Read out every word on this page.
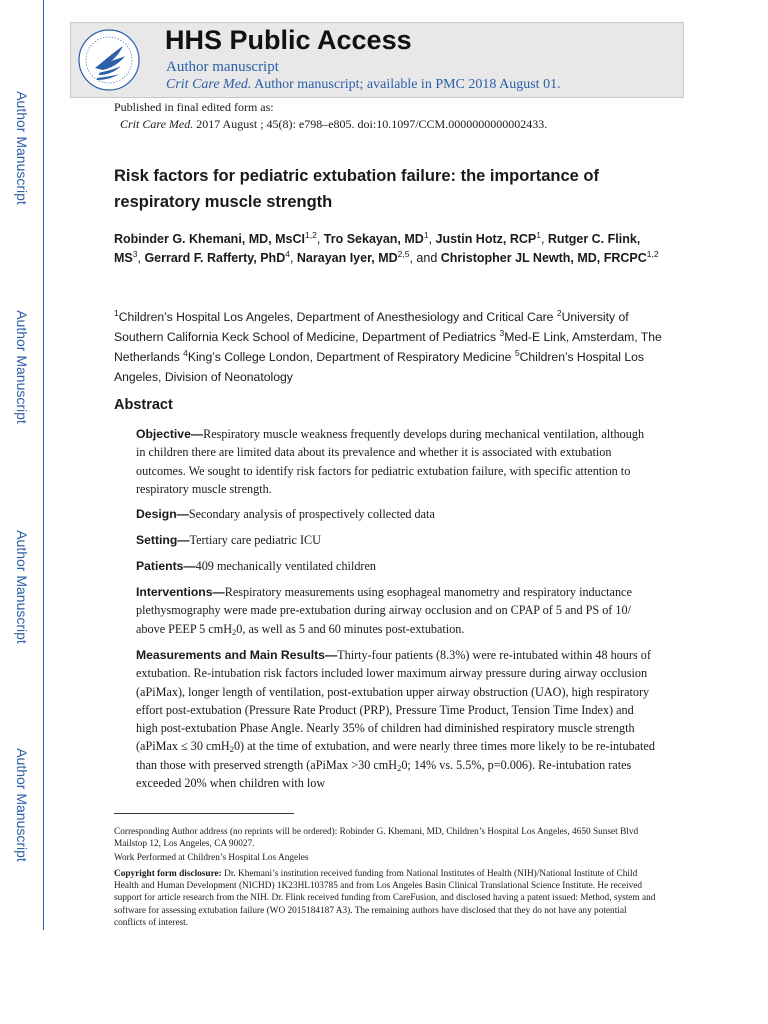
Author Manuscript
Author Manuscript
Author Manuscript
Author Manuscript
HHS Public Access
Author manuscript
Crit Care Med. Author manuscript; available in PMC 2018 August 01.
Published in final edited form as:
Crit Care Med. 2017 August ; 45(8): e798–e805. doi:10.1097/CCM.0000000000002433.
Risk factors for pediatric extubation failure: the importance of respiratory muscle strength
Robinder G. Khemani, MD, MsCI$^{1,2}$, Tro Sekayan, $MD^1$, Justin Hotz, RCP$^1$, Rutger C. Flink, $MS^3$, Gerrard F. Rafferty, PhD$^4$, Narayan Iyer, MD$^{2,5}$, and Christopher JL Newth, MD, FRCPC$^{1,2}$
$^1$Children’s Hospital Los Angeles, Department of Anesthesiology and Critical Care $^2$University of Southern California Keck School of Medicine, Department of Pediatrics $^3$Med-E Link, Amsterdam, The Netherlands $^4$King’s College London, Department of Respiratory Medicine $^5$Children’s Hospital Los Angeles, Division of Neonatology
Abstract
Objective—Respiratory muscle weakness frequently develops during mechanical ventilation, although in children there are limited data about its prevalence and whether it is associated with extubation outcomes. We sought to identify risk factors for pediatric extubation failure, with specific attention to respiratory muscle strength.
Design—Secondary analysis of prospectively collected data
Setting—Tertiary care pediatric ICU
Patients—409 mechanically ventilated children
Interventions—Respiratory measurements using esophageal manometry and respiratory inductance plethysmography were made pre-extubation during airway occlusion and on CPAP of 5 and PS of 10/ above PEEP 5 cmH$_2$0, as well as 5 and 60 minutes post-extubation.
Measurements and Main Results—Thirty-four patients (8.3%) were re-intubated within 48 hours of extubation. Re-intubation risk factors included lower maximum airway pressure during airway occlusion (aPiMax), longer length of ventilation, post-extubation upper airway obstruction (UAO), high respiratory effort post-extubation (Pressure Rate Product (PRP), Pressure Time Product, Tension Time Index) and high post-extubation Phase Angle. Nearly 35% of children had diminished respiratory muscle strength (aPiMax ≤ 30 cmH$_2$0) at the time of extubation, and were nearly three times more likely to be re-intubated than those with preserved strength (aPiMax >30 cmH$_2$0; 14% vs. 5.5%, p=0.006). Re-intubation rates exceeded 20% when children with low
Corresponding Author address (no reprints will be ordered): Robinder G. Khemani, MD, Children’s Hospital Los Angeles, 4650 Sunset Blvd Mailstop 12, Los Angeles, CA 90027.
Work Performed at Children’s Hospital Los Angeles
Copyright form disclosure: Dr. Khemani’s institution received funding from National Institutes of Health (NIH)/National Institute of Child Health and Human Development (NICHD) 1K23HL103785 and from Los Angeles Basin Clinical Translational Science Institute. He received support for article research from the NIH. Dr. Flink received funding from CareFusion, and disclosed having a patent issued: Method, system and software for assessing extubation failure (WO 2015184187 A3). The remaining authors have disclosed that they do not have any potential conflicts of interest.
